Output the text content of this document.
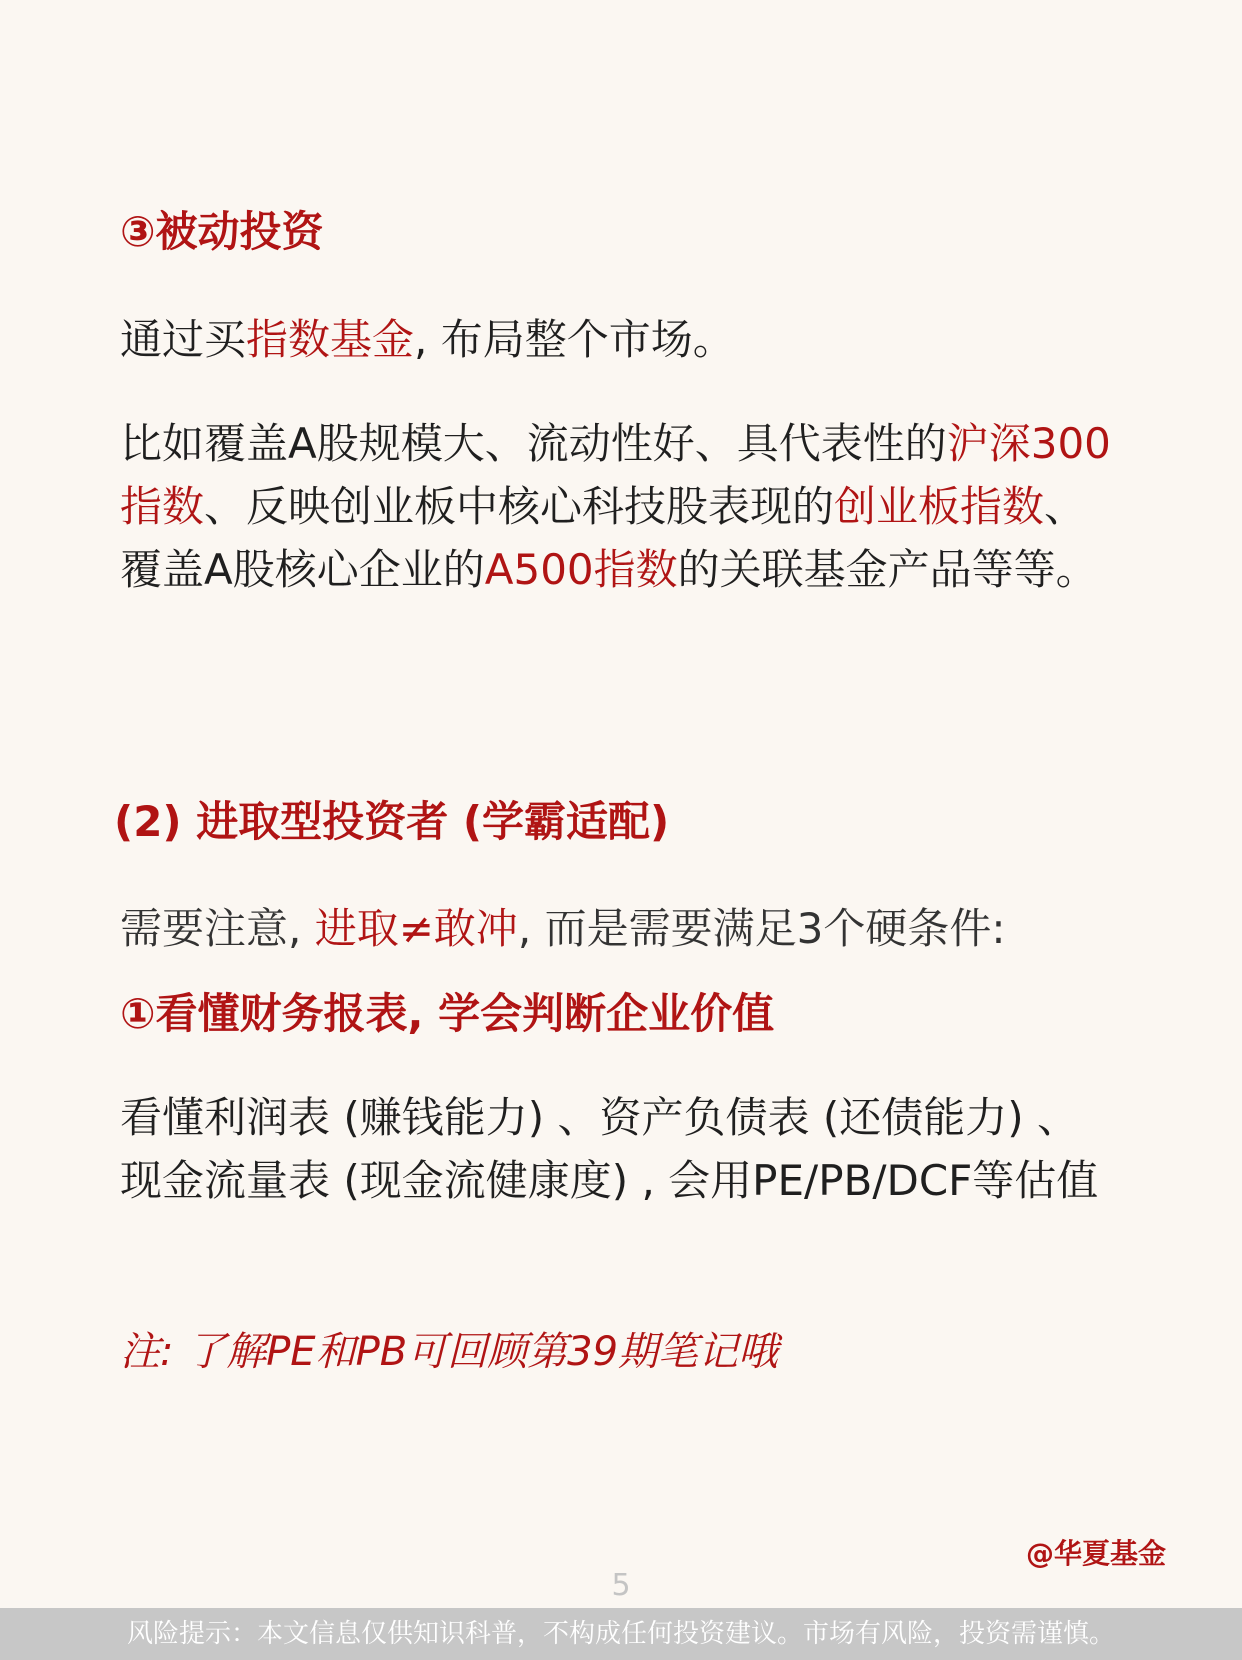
③被动投资
通过买指数基金, 布局整个市场。
比如覆盖A股规模大、流动性好、具代表性的沪深300指数、反映创业板中核心科技股表现的创业板指数、覆盖A股核心企业的A500指数的关联基金产品等等。
(2) 进取型投资者 (学霸适配)
需要注意, 进取≠敢冲, 而是需要满足3个硬条件:
①看懂财务报表, 学会判断企业价值
看懂利润表 (赚钱能力) 、资产负债表 (还债能力) 、现金流量表 (现金流健康度) , 会用PE/PB/DCF等估值
注: 了解PE和PB可回顾第39期笔记哦
@华夏基金
5
风险提示：本文信息仅供知识科普，不构成任何投资建议。市场有风险，投资需谨慎。
